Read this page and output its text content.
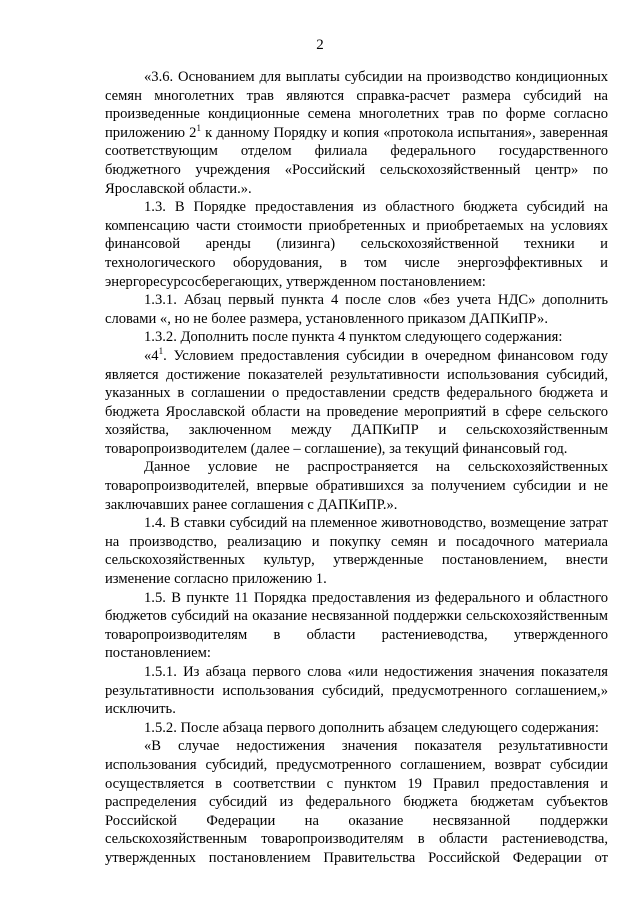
2

«3.6. Основанием для выплаты субсидии на производство кондиционных семян многолетних трав являются справка-расчет размера субсидий на произведенные кондиционные семена многолетних трав по форме согласно приложению $2^1$ к данному Порядку и копия «протокола испытания», заверенная соответствующим отделом филиала федерального государственного бюджетного учреждения «Российский сельскохозяйственный центр» по Ярославской области.».

1.3. В Порядке предоставления из областного бюджета субсидий на компенсацию части стоимости приобретенных и приобретаемых на условиях финансовой аренды (лизинга) сельскохозяйственной техники и технологического оборудования, в том числе энергоэффективных и энергоресурсосберегающих, утвержденном постановлением:

1.3.1. Абзац первый пункта 4 после слов «без учета НДС» дополнить словами «, но не более размера, установленного приказом ДАПКиПР».

1.3.2. Дополнить после пункта 4 пунктом следующего содержания:

«$4^1$. Условием предоставления субсидии в очередном финансовом году является достижение показателей результативности использования субсидий, указанных в соглашении о предоставлении средств федерального бюджета и бюджета Ярославской области на проведение мероприятий в сфере сельского хозяйства, заключенном между ДАПКиПР и сельскохозяйственным товаропроизводителем (далее – соглашение), за текущий финансовый год.

Данное условие не распространяется на сельскохозяйственных товаропроизводителей, впервые обратившихся за получением субсидии и не заключавших ранее соглашения с ДАПКиПР.».

1.4. В ставки субсидий на племенное животноводство, возмещение затрат на производство, реализацию и покупку семян и посадочного материала сельскохозяйственных культур, утвержденные постановлением, внести изменение согласно приложению 1.

1.5. В пункте 11 Порядка предоставления из федерального и областного бюджетов субсидий на оказание несвязанной поддержки сельскохозяйственным товаропроизводителям в области растениеводства, утвержденного постановлением:

1.5.1. Из абзаца первого слова «или недостижения значения показателя результативности использования субсидий, предусмотренного соглашением,» исключить.

1.5.2. После абзаца первого дополнить абзацем следующего содержания:

«В случае недостижения значения показателя результативности использования субсидий, предусмотренного соглашением, возврат субсидии осуществляется в соответствии с пунктом 19 Правил предоставления и распределения субсидий из федерального бюджета бюджетам субъектов Российской Федерации на оказание несвязанной поддержки сельскохозяйственным товаропроизводителям в области растениеводства, утвержденных постановлением Правительства Российской Федерации от
